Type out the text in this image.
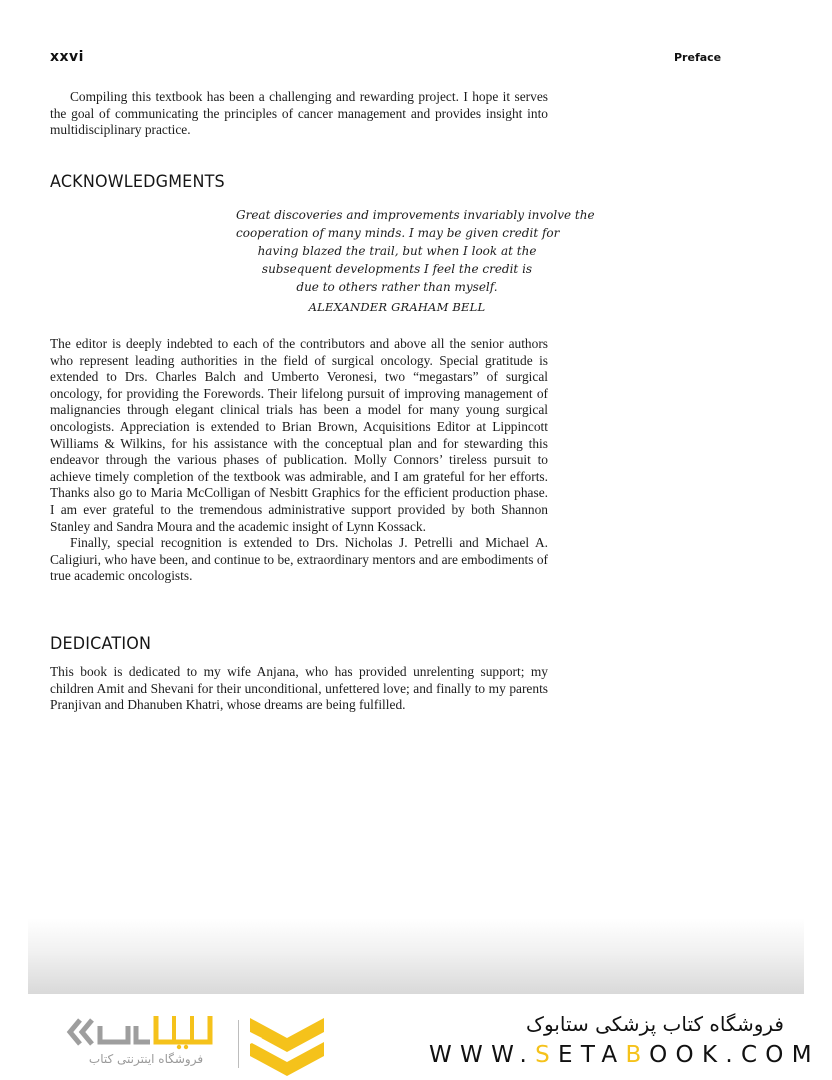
xxvi	Preface

Compiling this textbook has been a challenging and rewarding project. I hope it serves the goal of communicating the principles of cancer management and provides insight into multidisciplinary practice.

ACKNOWLEDGMENTS
Great discoveries and improvements invariably involve the
cooperation of many minds. I may be given credit for
having blazed the trail, but when I look at the
subsequent developments I feel the credit is
due to others rather than myself.
ALEXANDER GRAHAM BELL

The editor is deeply indebted to each of the contributors and above all the senior authors who represent leading authorities in the field of surgical oncology. Special gratitude is extended to Drs. Charles Balch and Umberto Veronesi, two “megastars” of surgical oncology, for providing the Forewords. Their lifelong pursuit of improving management of malignancies through elegant clinical trials has been a model for many young surgical oncologists. Appreciation is extended to Brian Brown, Acquisitions Editor at Lippincott Williams & Wilkins, for his assistance with the conceptual plan and for stewarding this endeavor through the various phases of publication. Molly Connors’ tireless pursuit to achieve timely completion of the textbook was admirable, and I am grateful for her efforts. Thanks also go to Maria McColligan of Nesbitt Graphics for the efficient production phase. I am ever grateful to the tremendous administrative support provided by both Shannon Stanley and Sandra Moura and the academic insight of Lynn Kossack.

Finally, special recognition is extended to Drs. Nicholas J. Petrelli and Michael A. Caligiuri, who have been, and continue to be, extraordinary mentors and are embodiments of true academic oncologists.

DEDICATION

This book is dedicated to my wife Anjana, who has provided unrelenting support; my children Amit and Shevani for their unconditional, unfettered love; and finally to my parents Pranjivan and Dhanuben Khatri, whose dreams are being fulfilled.

فروشگاه اینترنتی کتاب
فروشگاه کتاب پزشکی ستابوک
WWW.SETABOOK.COM
